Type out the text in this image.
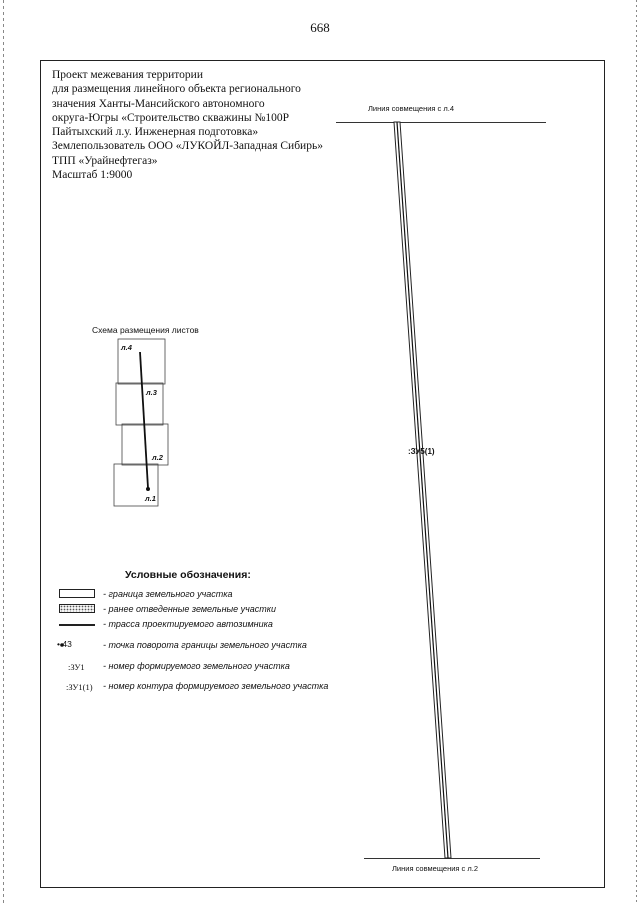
668
Проект межевания территории
для размещения линейного объекта регионального
значения Ханты-Мансийского автономного
округа-Югры «Строительство скважины №100Р
Пайтыхский л.у. Инженерная подготовка»
Землепользователь ООО «ЛУКОЙЛ-Западная Сибирь»
ТПП «Урайнефтегаз»
Масштаб 1:9000
Линия совмещения с л.4
Линия совмещения с л.2
:ЗУ5(1)
Схема размещения листов
л.4
л.3
л.2
л.1
Условные обозначения:
- граница земельного участка
- ранее отведенные земельные участки
- трасса проектируемого автозимника
• 43	- точка поворота границы земельного участка
:ЗУ1 - номер формируемого земельного участка
:ЗУ1(1) - номер контура формируемого земельного участка
